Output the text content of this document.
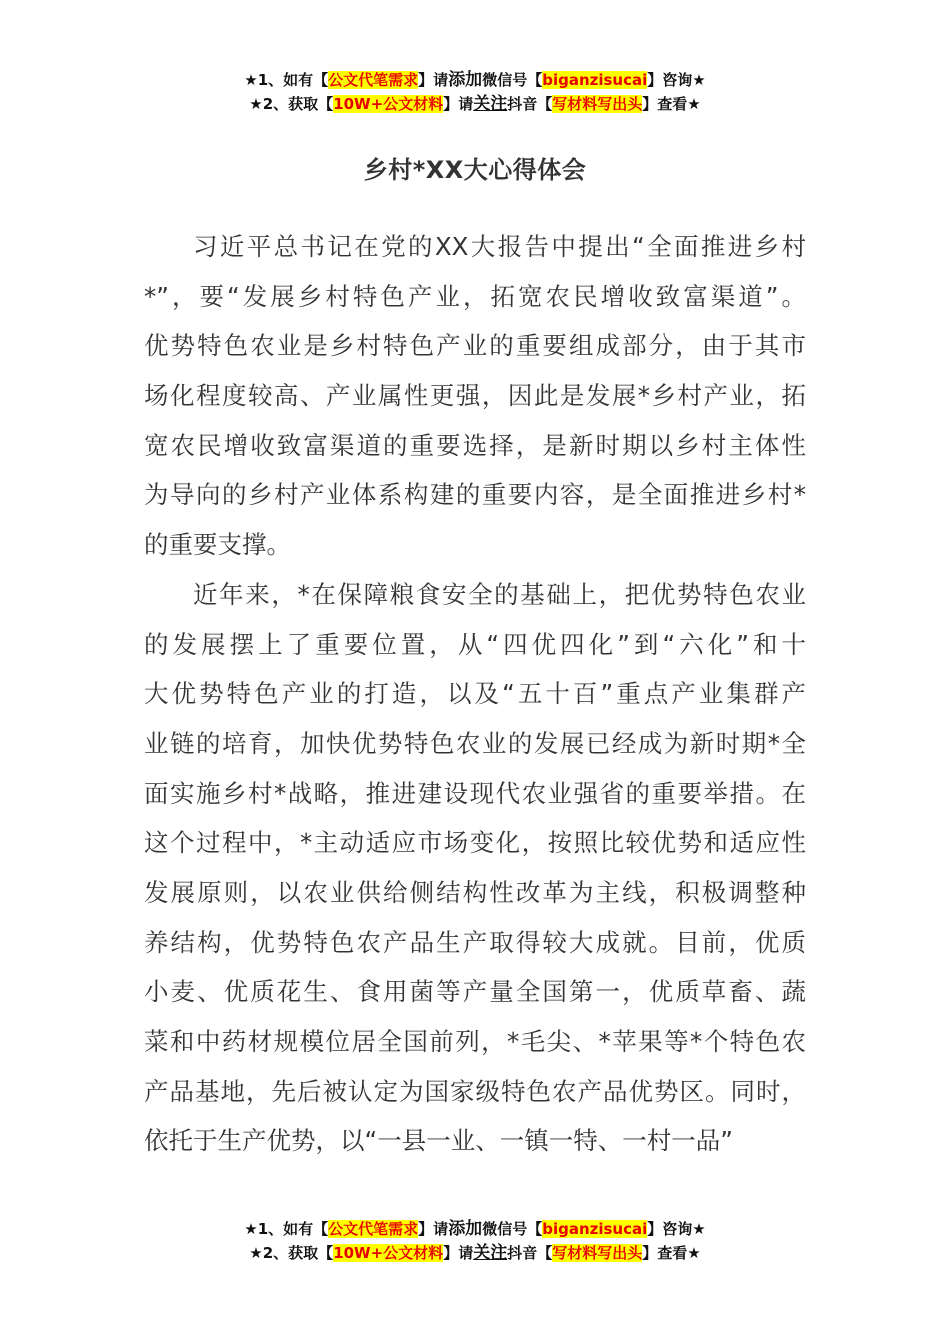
★1、如有【公文代笔需求】请添加微信号【biganzisucai】咨询★
★2、获取【10W+公文材料】请关注抖音【写材料写出头】查看★
乡村*XX大心得体会
习近平总书记在党的XX大报告中提出“全面推进乡村
*”，要“发展乡村特色产业，拓宽农民增收致富渠道”。
优势特色农业是乡村特色产业的重要组成部分，由于其市
场化程度较高、产业属性更强，因此是发展*乡村产业，拓
宽农民增收致富渠道的重要选择，是新时期以乡村主体性
为导向的乡村产业体系构建的重要内容，是全面推进乡村*
的重要支撑。
近年来，*在保障粮食安全的基础上，把优势特色农业
的发展摆上了重要位置，从“四优四化”到“六化”和十
大优势特色产业的打造，以及“五十百”重点产业集群产
业链的培育，加快优势特色农业的发展已经成为新时期*全
面实施乡村*战略，推进建设现代农业强省的重要举措。在
这个过程中，*主动适应市场变化，按照比较优势和适应性
发展原则，以农业供给侧结构性改革为主线，积极调整种
养结构，优势特色农产品生产取得较大成就。目前，优质
小麦、优质花生、食用菌等产量全国第一，优质草畜、蔬
菜和中药材规模位居全国前列，*毛尖、*苹果等*个特色农
产品基地，先后被认定为国家级特色农产品优势区。同时，
依托于生产优势，以“一县一业、一镇一特、一村一品”
★1、如有【公文代笔需求】请添加微信号【biganzisucai】咨询★
★2、获取【10W+公文材料】请关注抖音【写材料写出头】查看★
